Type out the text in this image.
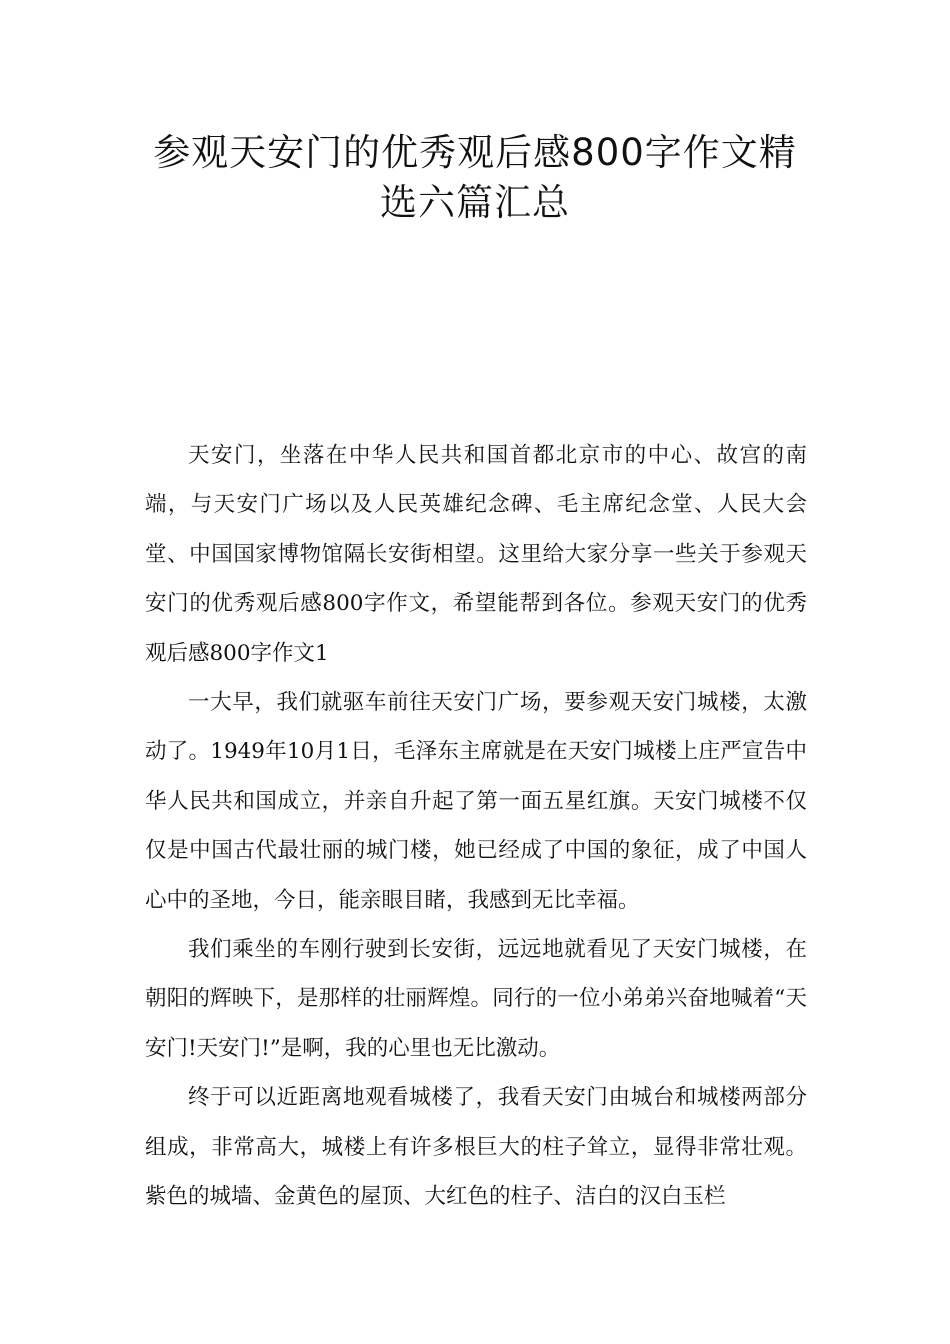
参观天安门的优秀观后感800字作文精
选六篇汇总

天安门，坐落在中华人民共和国首都北京市的中心、故宫的南端，与天安门广场以及人民英雄纪念碑、毛主席纪念堂、人民大会堂、中国国家博物馆隔长安街相望。这里给大家分享一些关于参观天安门的优秀观后感800字作文，希望能帮到各位。参观天安门的优秀观后感800字作文1

一大早，我们就驱车前往天安门广场，要参观天安门城楼，太激动了。1949年10月1日，毛泽东主席就是在天安门城楼上庄严宣告中华人民共和国成立，并亲自升起了第一面五星红旗。天安门城楼不仅仅是中国古代最壮丽的城门楼，她已经成了中国的象征，成了中国人心中的圣地，今日，能亲眼目睹，我感到无比幸福。

我们乘坐的车刚行驶到长安街，远远地就看见了天安门城楼，在朝阳的辉映下，是那样的壮丽辉煌。同行的一位小弟弟兴奋地喊着“天安门!天安门!”是啊，我的心里也无比激动。

终于可以近距离地观看城楼了，我看天安门由城台和城楼两部分组成，非常高大，城楼上有许多根巨大的柱子耸立，显得非常壮观。紫色的城墙、金黄色的屋顶、大红色的柱子、洁白的汉白玉栏
